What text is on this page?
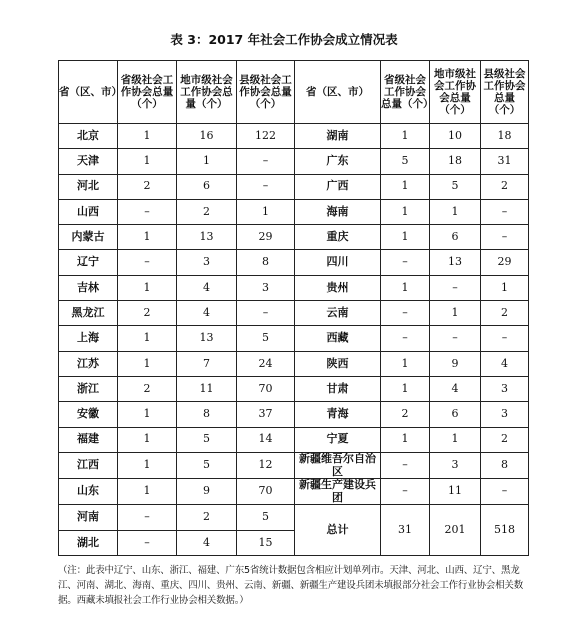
表 3：2017 年社会工作协会成立情况表
省（区、市）	省级社会工作协会总量（个）	地市级社会工作协会总量（个）	县级社会工作协会总量（个）	省（区、市）	省级社会工作协会总量（个）	地市级社会工作协会总量（个）	县级社会工作协会总量（个）
北京	1	16	122	湖南	1	10	18
天津	1	1	–	广东	5	18	31
河北	2	6	–	广西	1	5	2
山西	–	2	1	海南	1	1	–
内蒙古	1	13	29	重庆	1	6	–
辽宁	–	3	8	四川	–	13	29
吉林	1	4	3	贵州	1	–	1
黑龙江	2	4	–	云南	–	1	2
上海	1	13	5	西藏	–	–	–
江苏	1	7	24	陕西	1	9	4
浙江	2	11	70	甘肃	1	4	3
安徽	1	8	37	青海	2	6	3
福建	1	5	14	宁夏	1	1	2
江西	1	5	12	新疆维吾尔自治区	–	3	8
山东	1	9	70	新疆生产建设兵团	–	11	–
河南	–	2	5	总计	31	201	518
湖北	–	4	15				
（注：此表中辽宁、山东、浙江、福建、广东5省统计数据包含相应计划单列市。天津、河北、山西、辽宁、黑龙江、河南、湖北、海南、重庆、四川、贵州、云南、新疆、新疆生产建设兵团未填报部分社会工作行业协会相关数据。西藏未填报社会工作行业协会相关数据。）
